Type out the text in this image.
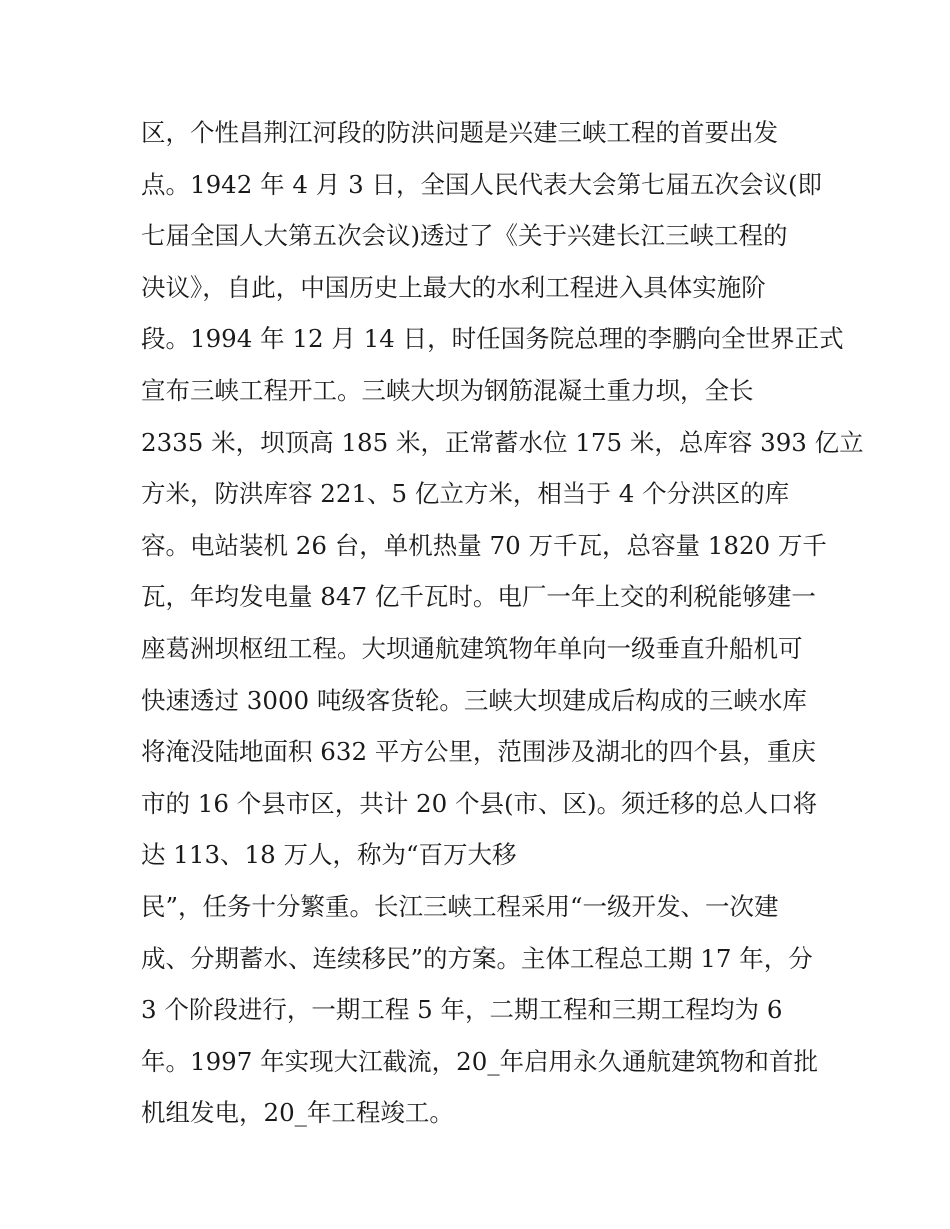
区，个性昌荆江河段的防洪问题是兴建三峡工程的首要出发
点。1942 年 4 月 3 日，全国人民代表大会第七届五次会议(即
七届全国人大第五次会议)透过了《关于兴建长江三峡工程的
决议》，自此，中国历史上最大的水利工程进入具体实施阶
段。1994 年 12 月 14 日，时任国务院总理的李鹏向全世界正式
宣布三峡工程开工。三峡大坝为钢筋混凝土重力坝，全长
2335 米，坝顶高 185 米，正常蓄水位 175 米，总库容 393 亿立
方米，防洪库容 221、5 亿立方米，相当于 4 个分洪区的库
容。电站装机 26 台，单机热量 70 万千瓦，总容量 1820 万千
瓦，年均发电量 847 亿千瓦时。电厂一年上交的利税能够建一
座葛洲坝枢纽工程。大坝通航建筑物年单向一级垂直升船机可
快速透过 3000 吨级客货轮。三峡大坝建成后构成的三峡水库
将淹没陆地面积 632 平方公里，范围涉及湖北的四个县，重庆
市的 16 个县市区，共计 20 个县(市、区)。须迁移的总人口将
达 113、18 万人，称为“百万大移
民”，任务十分繁重。长江三峡工程采用“一级开发、一次建
成、分期蓄水、连续移民”的方案。主体工程总工期 17 年，分
3 个阶段进行，一期工程 5 年，二期工程和三期工程均为 6
年。1997 年实现大江截流，20_年启用永久通航建筑物和首批
机组发电，20_年工程竣工。
